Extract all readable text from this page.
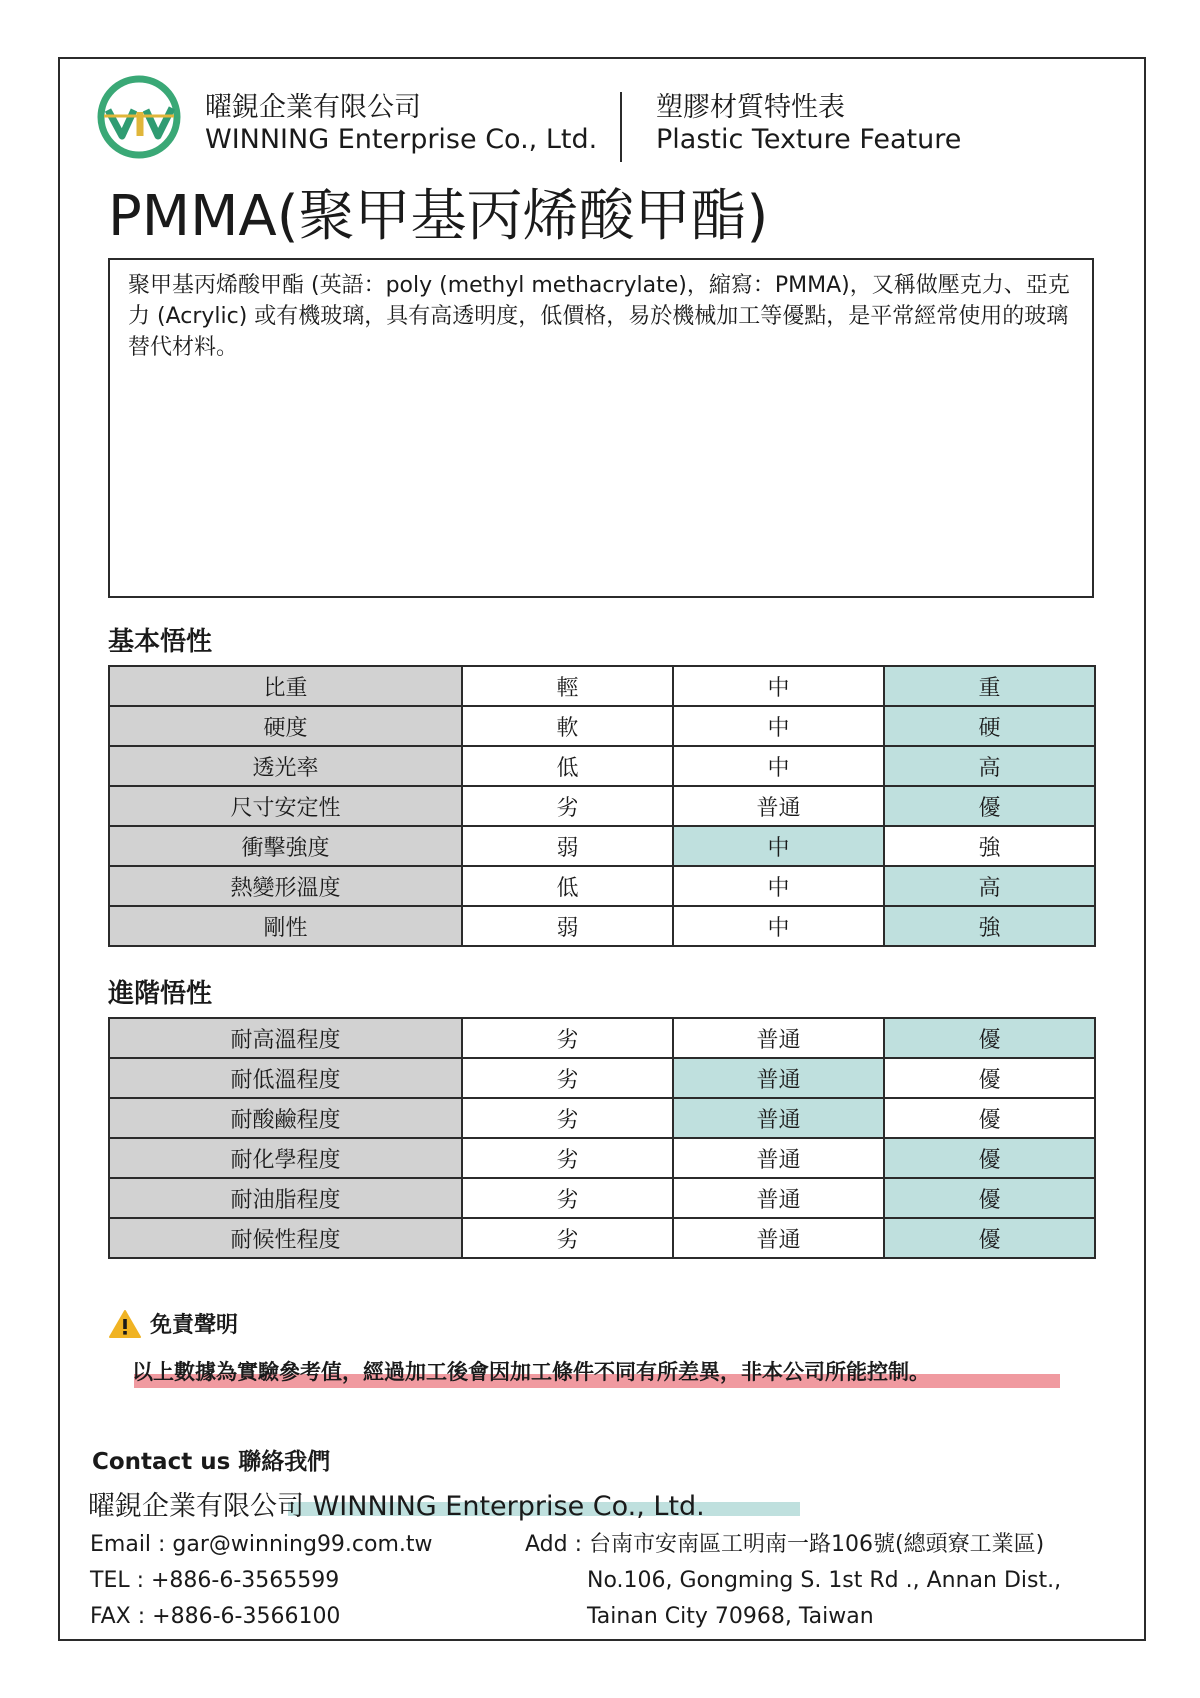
曜鋧企業有限公司
WINNING Enterprise Co., Ltd.
塑膠材質特性表
Plastic Texture Feature
PMMA(聚甲基丙烯酸甲酯)

聚甲基丙烯酸甲酯 (英語：poly (methyl methacrylate)，縮寫：PMMA)，又稱做壓克力、亞克力 (Acrylic) 或有機玻璃，具有高透明度，低價格，易於機械加工等優點，是平常經常使用的玻璃替代材料。

基本悟性
比重	輕	中	重
硬度	軟	中	硬
透光率	低	中	高
尺寸安定性	劣	普通	優
衝擊強度	弱	中	強
熱變形溫度	低	中	高
剛性	弱	中	強
進階悟性
耐高溫程度	劣	普通	優
耐低溫程度	劣	普通	優
耐酸鹼程度	劣	普通	優
耐化學程度	劣	普通	優
耐油脂程度	劣	普通	優
耐候性程度	劣	普通	優
免責聲明
以上數據為實驗參考值，經過加工後會因加工條件不同有所差異，非本公司所能控制。
Contact us 聯絡我們
曜鋧企業有限公司 WINNING Enterprise Co., Ltd.
Email : gar@winning99.com.tw
TEL : +886-6-3565599
FAX : +886-6-3566100
Add : 台南市安南區工明南一路106號(總頭寮工業區)
No.106, Gongming S. 1st Rd ., Annan Dist.,
Tainan City 70968, Taiwan
